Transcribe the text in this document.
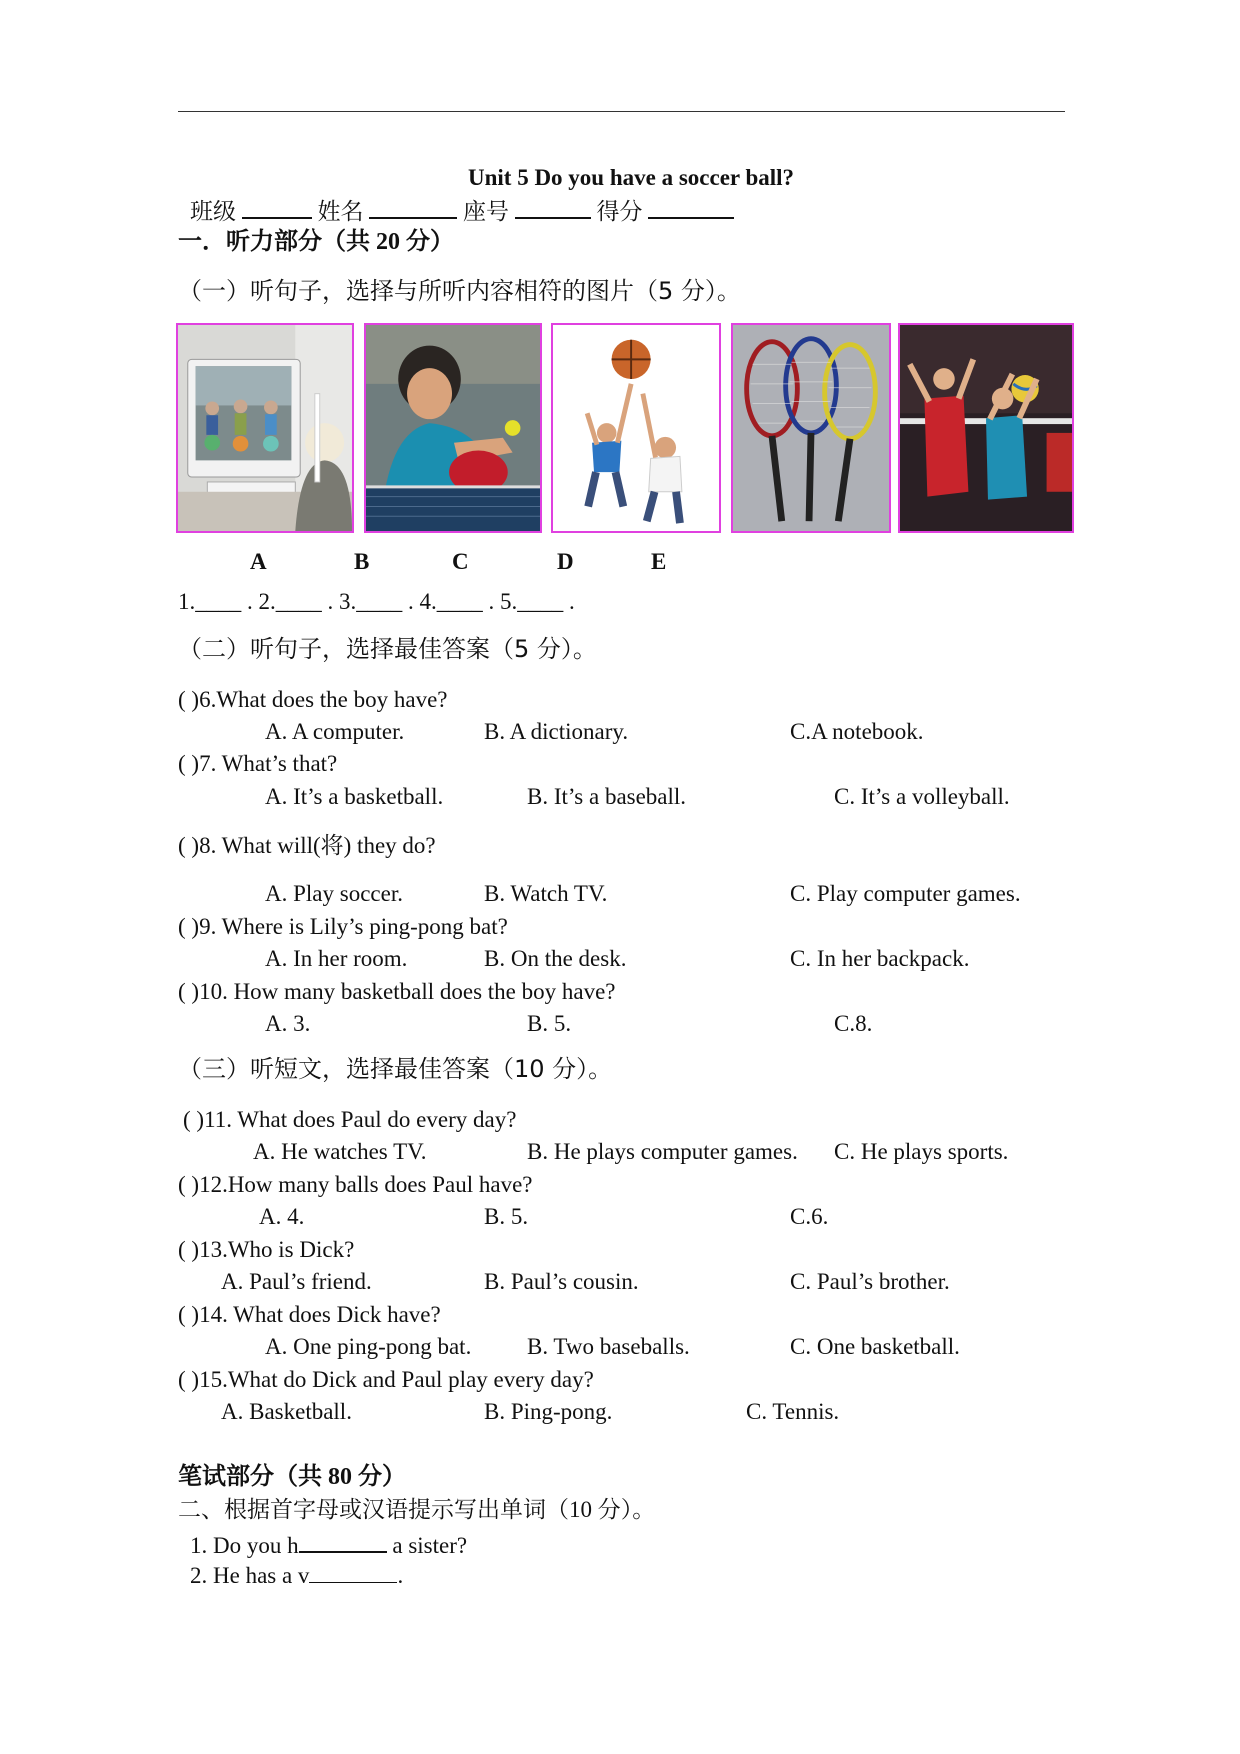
Unit 5 Do you have a soccer ball?
班级	姓名	座号	得分
一．听力部分（共 20 分）
（一）听句子，选择与所听内容相符的图片（5 分）。
A	B	C	D	E
1.____ . 2.____ . 3.____ . 4.____ . 5.____ .
（二）听句子，选择最佳答案（5 分）。
( )6.What does the boy have?
A. A computer.	B. A dictionary.	C.A notebook.
( )7. What’s that?
A. It’s a basketball.	B. It’s a baseball.	C. It’s a volleyball.
( )8. What will(将) they do?
A. Play soccer.	B. Watch TV.	C. Play computer games.
( )9. Where is Lily’s ping-pong bat?
A. In her room.	B. On the desk.	C. In her backpack.
( )10. How many basketball does the boy have?
A. 3.	B. 5.	C.8.
（三）听短文，选择最佳答案（10 分）。
( )11. What does Paul do every day?
A. He watches TV.	B. He plays computer games. C. He plays sports.
( )12.How many balls does Paul have?
A. 4.	B. 5.	C.6.
( )13.Who is Dick?
A. Paul’s friend.	B. Paul’s cousin.	C. Paul’s brother.
( )14. What does Dick have?
A. One ping-pong bat. B. Two baseballs.	C. One basketball.
( )15.What do Dick and Paul play every day?
A. Basketball.	B. Ping-pong.	C. Tennis.
笔试部分（共 80 分）
二、根据首字母或汉语提示写出单词（10 分）。
1. Do you h	a sister?
2. He has a v	.
